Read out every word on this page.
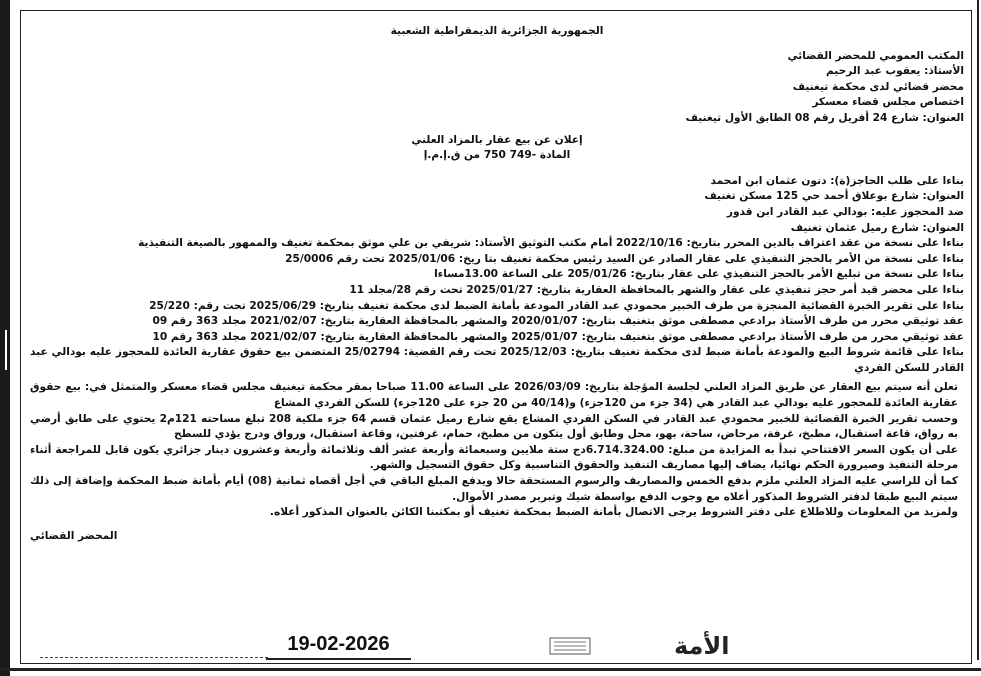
الجمهورية الجزائرية الديمقراطية الشعبية

المكتب العمومي للمحضر القضائي

الأستاذ: يعقوب عبد الرحيم

محضر قضائي لدى محكمة تيغنيف

اختصاص مجلس قضاء معسكر

العنوان: شارع 24 أفريل رقم 08 الطابق الأول تيغنيف

إعلان عن بيع عقار بالمزاد العلني

المادة -749 750 من ق.إ.م.إ

بناءا على طلب الحاجز(ة): دنون عثمان ابن امحمد

العنوان: شارع بوعلاق أحمد حي 125 مسكن تغنيف

ضد المحجوز عليه: بودالي عبد القادر ابن قدور

العنوان: شارع رميل عثمان تغنيف

بناءا على نسخة من عقد اعتراف بالدين المحرر بتاريخ: 2022/10/16 أمام مكتب التوثيق الأستاذ: شريفي بن علي موثق بمحكمة تغنيف والممهور بالصيغة التنفيذية

بناءا على نسخة من الأمر بالحجز التنفيذي على عقار الصادر عن السيد رئيس محكمة تغنيف بتا ريخ: 2025/01/06 تحت رقم 25/0006

بناءا على نسخة من تبليغ الأمر بالحجز التنفيذي على عقار بتاريخ: 205/01/26 على الساعة 13.00مساءا

بناءا على محضر قيد أمر حجز تنفيذي على عقار والشهر بالمحافظة العقارية بتاريخ: 2025/01/27 تحت رقم 28/مجلد 11

بناءا على تقرير الخبرة القضائية المنجزة من طرف الخبير محمودي عبد القادر المودعة بأمانة الضبط لدى محكمة تغنيف بتاريخ: 2025/06/29 تحت رقم: 25/220

عقد توثيقي محرر من طرف الأستاذ برادعي مصطفى موثق بتغنيف بتاريخ: 2020/01/07 والمشهر بالمحافظة العقارية بتاريخ: 2021/02/07 مجلد 363 رقم 09

عقد توثيقي محرر من طرف الأستاذ برادعي مصطفى موثق بتغنيف بتاريخ: 2025/01/07 والمشهر بالمحافظة العقارية بتاريخ: 2021/02/07 مجلد 363 رقم 10

بناءا على قائمة شروط البيع والمودعة بأمانة ضبط لدى محكمة تغنيف بتاريخ: 2025/12/03 تحت رقم القضية: 25/02794 المتضمن بيع حقوق عقارية العائدة للمحجوز عليه بودالي عبد القادر للسكن الفردي

تعلن أنه سيتم بيع العقار عن طريق المزاد العلني لجلسة المؤجلة بتاريخ: 2026/03/09 على الساعة 11.00 صباحا بمقر محكمة تيغنيف مجلس قضاء معسكر والمتمثل في: بيع حقوق عقارية العائدة للمحجور عليه بودالي عبد القادر هي (34 جزء من 120جزء) و(40/14 من 20 جزء على 120جزء) للسكن الفردي المشاع

وحسب تقرير الخبرة القضائية للخبير محمودي عبد القادر في السكن الفردي المشاع يقع شارع رميل عثمان قسم 64 جزء ملكية 208 تبلغ مساحته 121م2 يحتوي على طابق أرضي به رواق، قاعة استقبال، مطبخ، غرفة، مرحاض، ساحة، بهو، محل وطابق أول يتكون من مطبخ، حمام، غرفتين، وقاعة استقبال، ورواق ودرج يؤدي للسطح

على أن يكون السعر الافتتاحي تبدأ به المزايدة من مبلغ: 6.714.324.00دج ستة ملايين وسبعمائة وأربعة عشر ألف وثلاثمائة وأربعة وعشرون دينار جزائري يكون قابل للمراجعة أثناء مرحلة التنفيذ وصيرورة الحكم نهائيا، يضاف إليها مصاريف التنفيذ والحقوق التناسبية وكل حقوق التسجيل والشهر.

كما أن للراسي عليه المزاد العلني ملزم بدفع الخمس والمصاريف والرسوم المستحقة حالا ويدفع المبلغ الباقي في أجل أقصاه ثمانية (08) أيام بأمانة ضبط المحكمة وإضافة إلى ذلك سيتم البيع طبقا لدفتر الشروط المذكور أعلاه مع وجوب الدفع بواسطة شيك وتبرير مصدر الأموال.

ولمزيد من المعلومات وللاطلاع على دفتر الشروط يرجى الاتصال بأمانة الضبط بمحكمة تغنيف أو بمكتبنا الكائن بالعنوان المذكور أعلاه.

المحضر القضائي

الأمة
19-02-2026
